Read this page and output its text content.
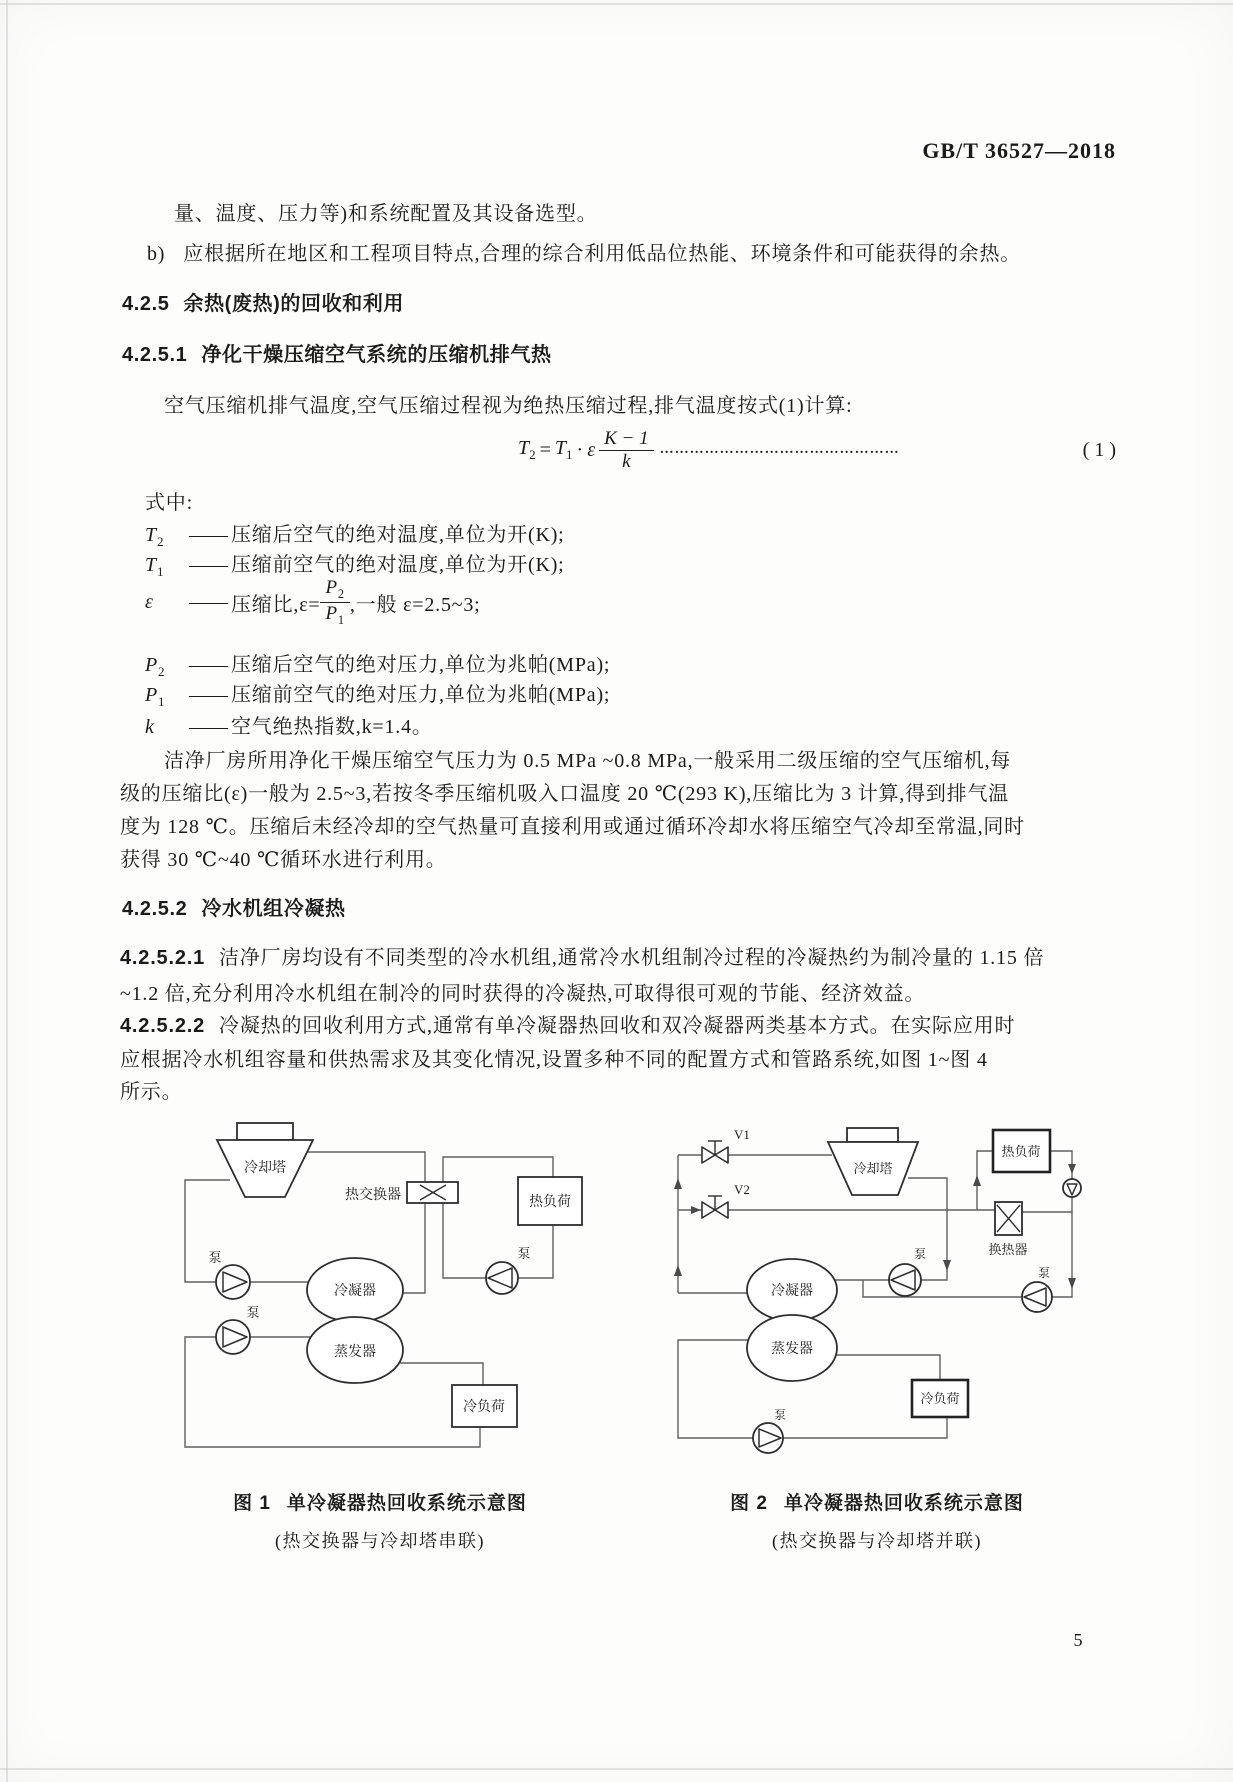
GB/T 36527—2018
量、温度、压力等)和系统配置及其设备选型。
b) 应根据所在地区和工程项目特点,合理的综合利用低品位热能、环境条件和可能获得的余热。
4.2.5 余热(废热)的回收和利用
4.2.5.1 净化干燥压缩空气系统的压缩机排气热
空气压缩机排气温度,空气压缩过程视为绝热压缩过程,排气温度按式(1)计算:
$T_2 = T_1 \cdot \varepsilon \frac{K - 1}{k}$ …………………………………………	( 1 )
式中:
$T_2$ —— 压缩后空气的绝对温度,单位为开(K);
$T_1$ —— 压缩前空气的绝对温度,单位为开(K);
ε	—— 压缩比$,\varepsilon= \frac{P_2}{P_1}$ ,一般 ε=2.5~3;
$P_2$ —— 压缩后空气的绝对压力,单位为兆帕(MPa);
$P_1$ —— 压缩前空气的绝对压力,单位为兆帕(MPa);
k —— 空气绝热指数,k=1.4。
洁净厂房所用净化干燥压缩空气压力为 0.5 MPa ~0.8 MPa,一般采用二级压缩的空气压缩机,每
级的压缩比(ε)一般为 2.5~3,若按冬季压缩机吸入口温度 20 ℃(293 K),压缩比为 3 计算,得到排气温
度为 128 ℃。压缩后未经冷却的空气热量可直接利用或通过循环冷却水将压缩空气冷却至常温,同时
获得 30 ℃~40 ℃循环水进行利用。
4.2.5.2 冷水机组冷凝热
4.2.5.2.1 洁净厂房均设有不同类型的冷水机组,通常冷水机组制冷过程的冷凝热约为制冷量的 1.15 倍
~1.2 倍,充分利用冷水机组在制冷的同时获得的冷凝热,可取得很可观的节能、经济效益。
4.2.5.2.2 冷凝热的回收利用方式,通常有单冷凝器热回收和双冷凝器两类基本方式。在实际应用时
应根据冷水机组容量和供热需求及其变化情况,设置多种不同的配置方式和管路系统,如图 1~图 4
所示。
冷却塔
热交换器	热负荷
泵
泵
泵
冷凝器
蒸发器
冷负荷
V1
V2
冷却塔
热负荷
换热器
泵
泵
泵
冷凝器
蒸发器
冷负荷
图 1 单冷凝器热回收系统示意图
(热交换器与冷却塔串联)
图 2 单冷凝器热回收系统示意图
(热交换器与冷却塔并联)
5
